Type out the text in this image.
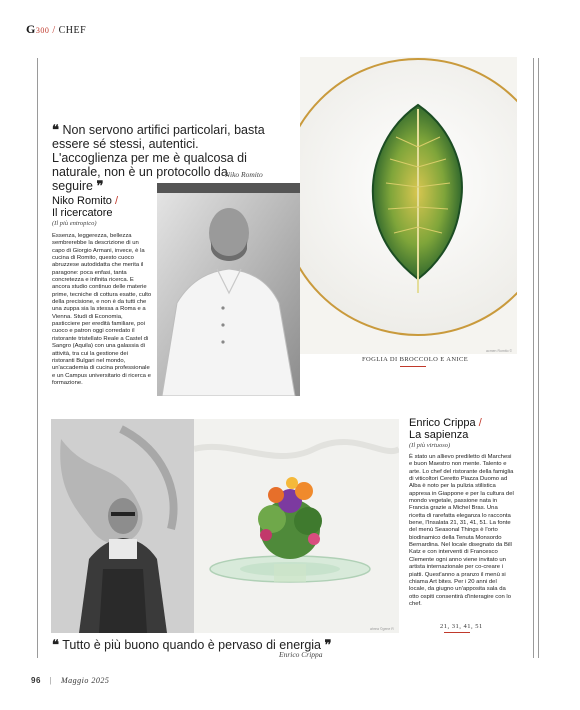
G300 / CHEF
❝ Non servono artifici particolari, basta essere sé stessi, autentici. L'accoglienza per me è qualcosa di naturale, non è un protocollo da seguire ❞
Niko Romito
acmen Romito ©
FOGLIA DI BROCCOLO E ANICE
Niko Romito /
Il ricercatore
(Il più entropico)
Essenza, leggerezza, bellezza sembrerebbe la descrizione di un capo di Giorgio Armani, invece, è la cucina di Romito, questo cuoco abruzzese autodidatta che merita il paragone: poca enfasi, tanta concretezza e infinita ricerca. E ancora studio continuo delle materie prime, tecniche di cottura esatte, culto della precisione, e non è da tutti che una zuppa sia la stessa a Roma e a Vienna. Studi di Economia, pasticciere per eredità familiare, poi cuoco e patron oggi corredato il ristorante tristellato Reale a Castel di Sangro (Aquila) con una galassia di attività, tra cui la gestione dei ristoranti Bulgari nel mondo, un'accademia di cucina professionale e un Campus universitario di ricerca e formazione.
Enrico Crippa /
La sapienza
(Il più virtuoso)
È stato un allievo prediletto di Marchesi e buon Maestro non mente. Talento e arte. Lo chef del ristorante della famiglia di viticoltori Ceretto Piazza Duomo ad Alba è noto per la pulizia stilistica appresa in Giappone e per la cultura del mondo vegetale, passione nata in Francia grazie a Michel Bras. Una ricetta di rarefatta eleganza lo racconta bene, l'Insalata 21, 31, 41, 51. La fonte del menù Seasonal Things è l'orto biodinamico della Tenuta Monsordo Bernardina. Nel locale disegnato da Bill Katz e con interventi di Francesco Clemente ogni anno viene invitato un artista internazionale per co-creare i piatti. Quest'anno a pranzo il menù si chiama Art bites. Per i 20 anni del locale, da giugno un'apposita sala da otto ospiti consentirà d'interagire con lo chef.
21, 31, 41, 51
ahrea ©gene R
❝ Tutto è più buono quando è pervaso di energia ❞
Enrico Crippa
96 | Maggio 2025
